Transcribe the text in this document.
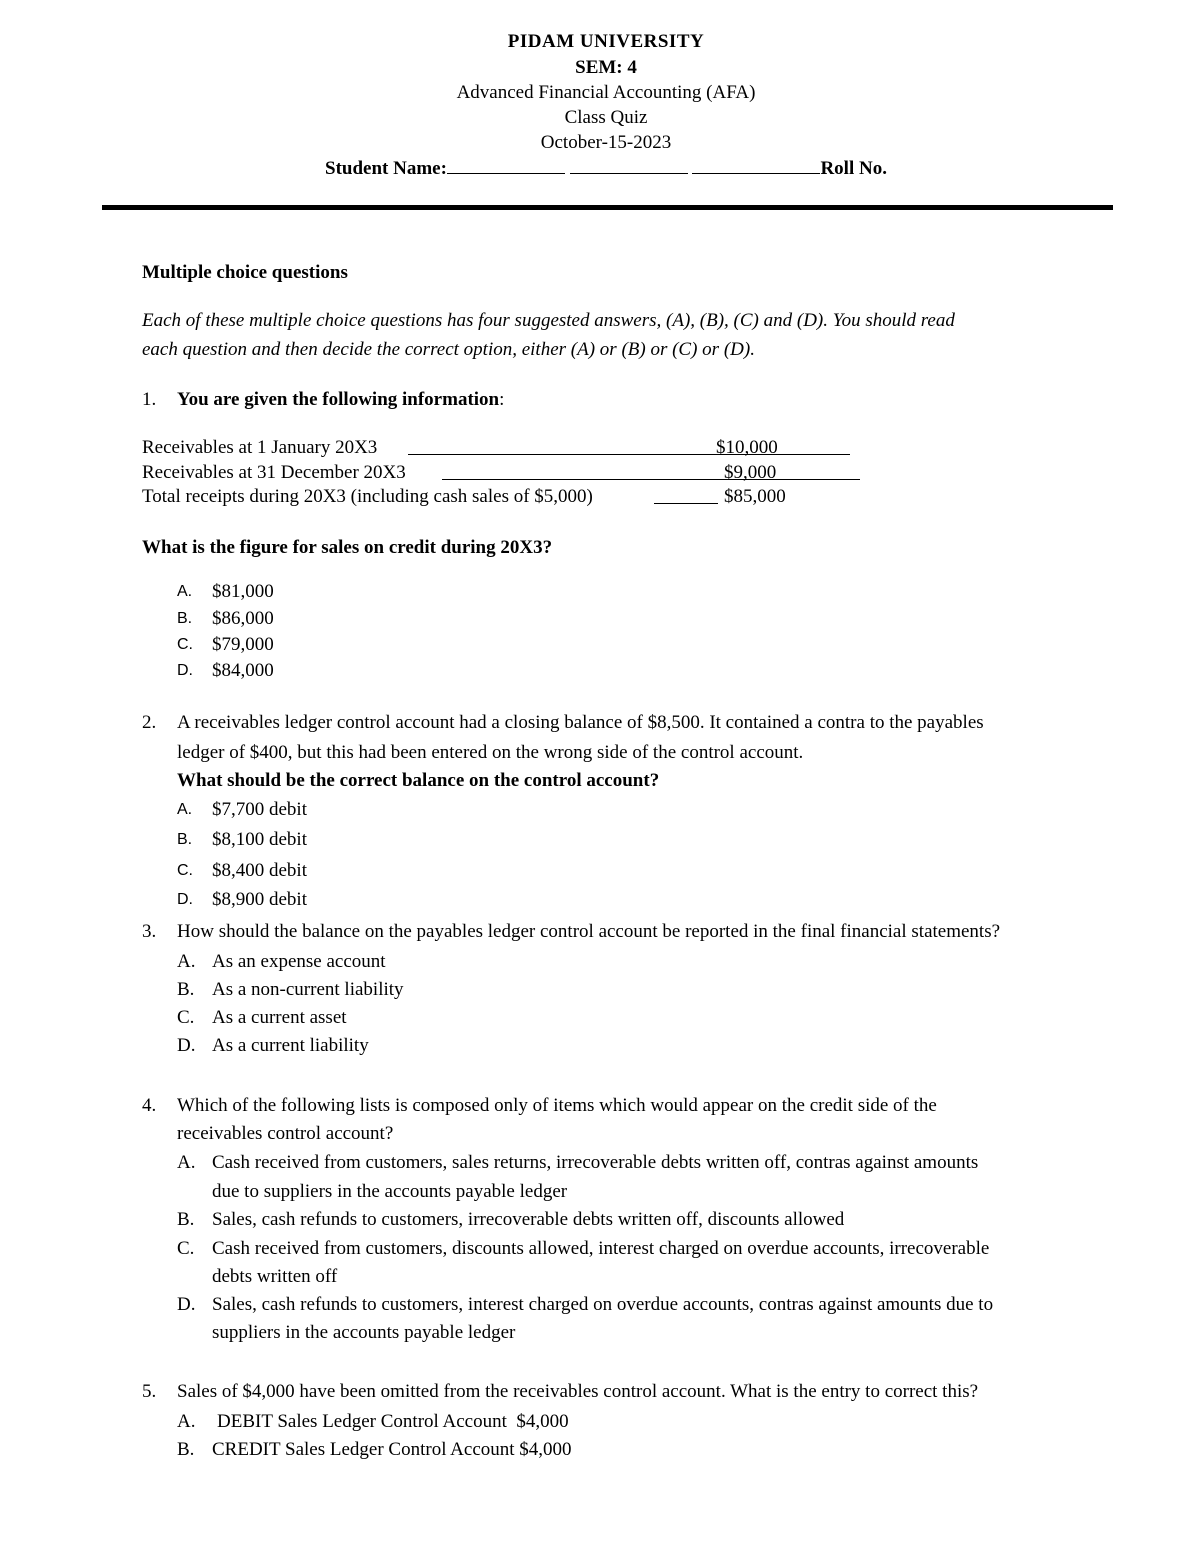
PIDAM UNIVERSITY
SEM: 4
Advanced Financial Accounting (AFA)
Class Quiz
October-15-2023
Student Name:	Roll No.
Multiple choice questions
Each of these multiple choice questions has four suggested answers, (A), (B), (C) and (D). You should read
each question and then decide the correct option, either (A) or (B) or (C) or (D).
1. You are given the following information:
Receivables at 1 January 20X3	$10,000
Receivables at 31 December 20X3	$9,000
Total receipts during 20X3 (including cash sales of $5,000)	$85,000
What is the figure for sales on credit during 20X3?
A. $81,000
B. $86,000
C. $79,000
D. $84,000
2. A receivables ledger control account had a closing balance of $8,500. It contained a contra to the payables
ledger of $400, but this had been entered on the wrong side of the control account.
What should be the correct balance on the control account?
A. $7,700 debit
B. $8,100 debit
C. $8,400 debit
D. $8,900 debit
3. How should the balance on the payables ledger control account be reported in the final financial statements?
A. As an expense account
B. As a non-current liability
C. As a current asset
D. As a current liability
4. Which of the following lists is composed only of items which would appear on the credit side of the
receivables control account?
A. Cash received from customers, sales returns, irrecoverable debts written off, contras against amounts
due to suppliers in the accounts payable ledger
B. Sales, cash refunds to customers, irrecoverable debts written off, discounts allowed
C. Cash received from customers, discounts allowed, interest charged on overdue accounts, irrecoverable
debts written off
D. Sales, cash refunds to customers, interest charged on overdue accounts, contras against amounts due to
suppliers in the accounts payable ledger
5. Sales of $4,000 have been omitted from the receivables control account. What is the entry to correct this?
A. DEBIT Sales Ledger Control Account  $4,000
B. CREDIT Sales Ledger Control Account $4,000
